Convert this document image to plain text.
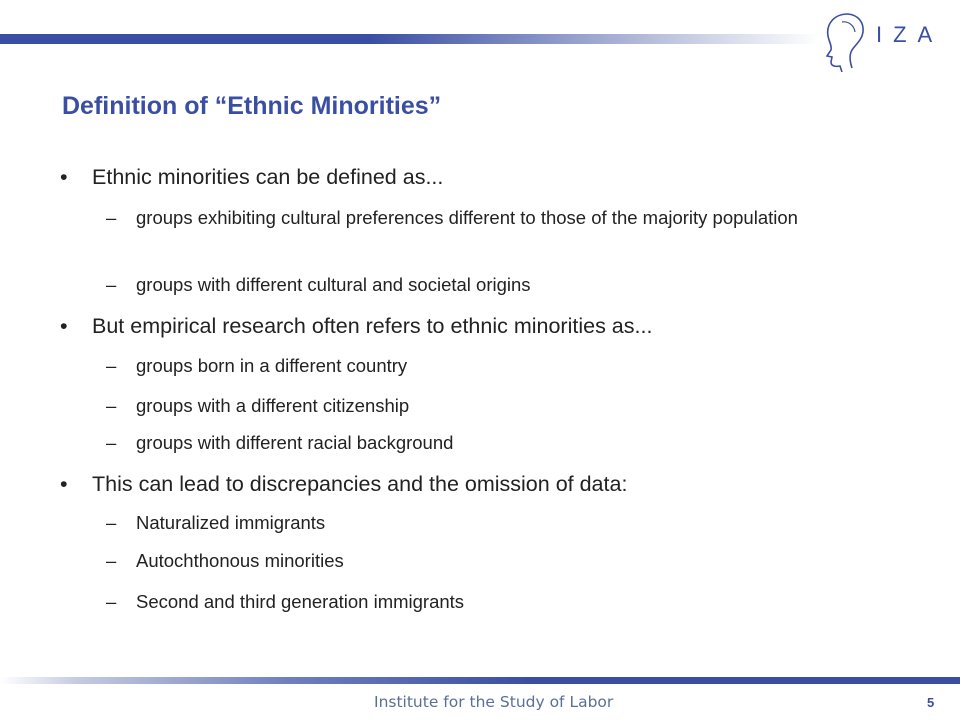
IZA
Definition of “Ethnic Minorities”
•	Ethnic minorities can be defined as...
–	groups exhibiting cultural preferences different to those of the majority population
–	groups with different cultural and societal origins
•	But empirical research often refers to ethnic minorities as...
–	groups born in a different country
–	groups with a different citizenship
–	groups with different racial background
•	This can lead to discrepancies and the omission of data:
–	Naturalized immigrants
–	Autochthonous minorities
–	Second and third generation immigrants
Institute for the Study of Labor	5
